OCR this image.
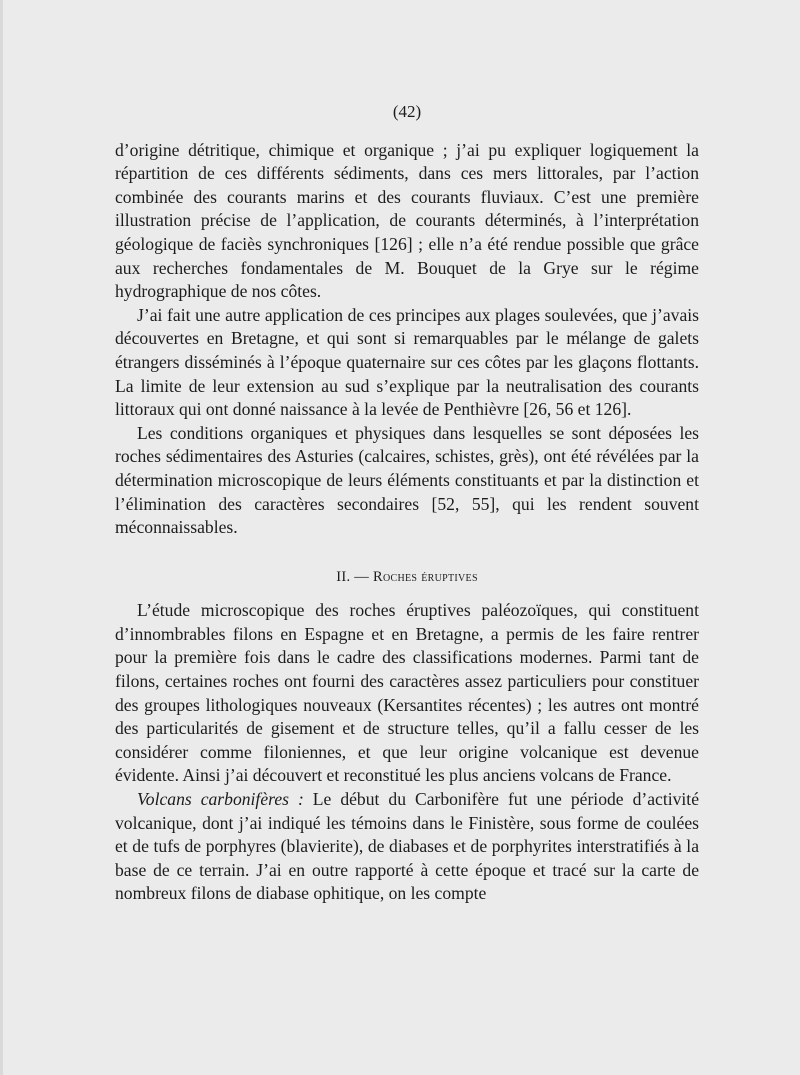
(42)

d’origine détritique, chimique et organique ; j’ai pu expliquer logiquement la répartition de ces différents sédiments, dans ces mers littorales, par l’action combinée des courants marins et des courants fluviaux. C’est une première illustration précise de l’application, de courants déterminés, à l’interprétation géologique de faciès synchroniques [126] ; elle n’a été rendue possible que grâce aux recherches fondamentales de M. Bouquet de la Grye sur le régime hydrographique de nos côtes.

J’ai fait une autre application de ces principes aux plages soulevées, que j’avais découvertes en Bretagne, et qui sont si remarquables par le mélange de galets étrangers disséminés à l’époque quaternaire sur ces côtes par les glaçons flottants. La limite de leur extension au sud s’explique par la neutralisation des courants littoraux qui ont donné naissance à la levée de Penthièvre [26, 56 et 126].

Les conditions organiques et physiques dans lesquelles se sont déposées les roches sédimentaires des Asturies (calcaires, schistes, grès), ont été révélées par la détermination microscopique de leurs éléments constituants et par la distinction et l’élimination des caractères secondaires [52, 55], qui les rendent souvent méconnaissables.

II. — Roches éruptives

L’étude microscopique des roches éruptives paléozoïques, qui constituent d’innombrables filons en Espagne et en Bretagne, a permis de les faire rentrer pour la première fois dans le cadre des classifications modernes. Parmi tant de filons, certaines roches ont fourni des caractères assez particuliers pour constituer des groupes lithologiques nouveaux (Kersantites récentes) ; les autres ont montré des particularités de gisement et de structure telles, qu’il a fallu cesser de les considérer comme filoniennes, et que leur origine volcanique est devenue évidente. Ainsi j’ai découvert et reconstitué les plus anciens volcans de France.

Volcans carbonifères : Le début du Carbonifère fut une période d’activité volcanique, dont j’ai indiqué les témoins dans le Finistère, sous forme de coulées et de tufs de porphyres (blavierite), de diabases et de porphyrites interstratifiés à la base de ce terrain. J’ai en outre rapporté à cette époque et tracé sur la carte de nombreux filons de diabase ophitique, on les compte
